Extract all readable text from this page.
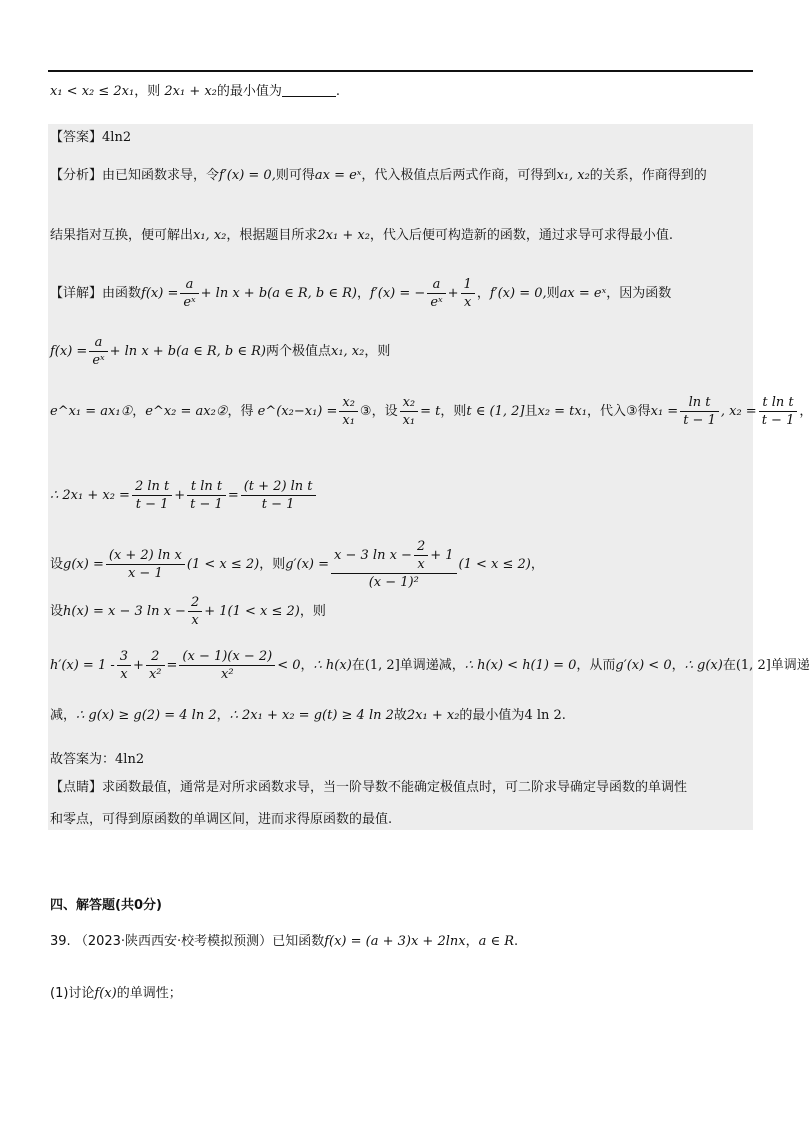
x₁ < x₂ ≤ 2x₁，则 2x₁ + x₂的最小值为	.
【答案】4ln2
【分析】由已知函数求导，令f′(x) = 0,则可得ax = eˣ，代入极值点后两式作商，可得到x₁, x₂的关系，作商得到的
结果指对互换，便可解出x₁, x₂，根据题目所求2x₁ + x₂，代入后便可构造新的函数，通过求导可求得最小值.
【详解】由函数$f(x) = \frac{a}{\text{eˣ}} + \ln x + b(a$ ∈ R, b ∈ R)，f′(x) = − $\frac{a}{\text{eˣ}} + \frac{1}{x}$ ，f′(x) = 0,则ax = eˣ，因为函数
$f(x) = \frac{a}{\text{eˣ}} + \ln x + b(a$ ∈ R, b ∈ R)两个极值点x₁, x₂，则
e^x₁ = ax₁①，e^x₂ = ax₂②，得 e^(x₂−x₁) = $\frac{\text{x₂}}{\text{x₁}}$ ③，设 $\frac{\text{x₂}}{\text{x₁}} = t$，则t ∈ (1, 2]且x₂ = tx₁，代入③得$x_1 = \frac{\text{ln t}}{t - 1}$ , $x_2 = \frac{\text{t ln t}}{t - 1}$ ，
∴ $2x_1 + x_2 = \frac{\text{2 ln t}}{t - 1} + \frac{\text{t ln t}}{t - 1} = \frac{\text{(t + 2) ln t}}{t - 1}$
设$g(x) = \frac{\text{(x + 2) ln x}}{x - 1} (1 < x \le 2)$，则$g'(x) = \frac{x - 3 \ln x - \frac{2}{x} + 1}{\text{(x − 1)²}} (1 < x \le 2)$，
设h(x) = x − 3 $\ln x - \frac{2}{x} + 1(1 < x \le 2)$，则
$h'(x) = 1 - \frac{3}{x} + \frac{2}{\text{x²}} = \frac{(x - 1)(x - 2)}{\text{x²}} < 0$，∴ h(x)在(1, 2]单调递减，∴ h(x) < h(1) = 0，从而g′(x) < 0，∴ g(x)在(1, 2]单调递
减，∴ g(x) ≥ g(2) = 4 ln 2，∴ 2x₁ + x₂ = g(t) ≥ 4 ln 2故2x₁ + x₂的最小值为4 ln 2.
故答案为：4ln2
【点睛】求函数最值，通常是对所求函数求导，当一阶导数不能确定极值点时，可二阶求导确定导函数的单调性
和零点，可得到原函数的单调区间，进而求得原函数的最值.
四、解答题(共0分)
39. （2023·陕西西安·校考模拟预测）已知函数f(x) = (a + 3)x + 2lnx，a ∈ R.
(1)讨论f(x)的单调性；
